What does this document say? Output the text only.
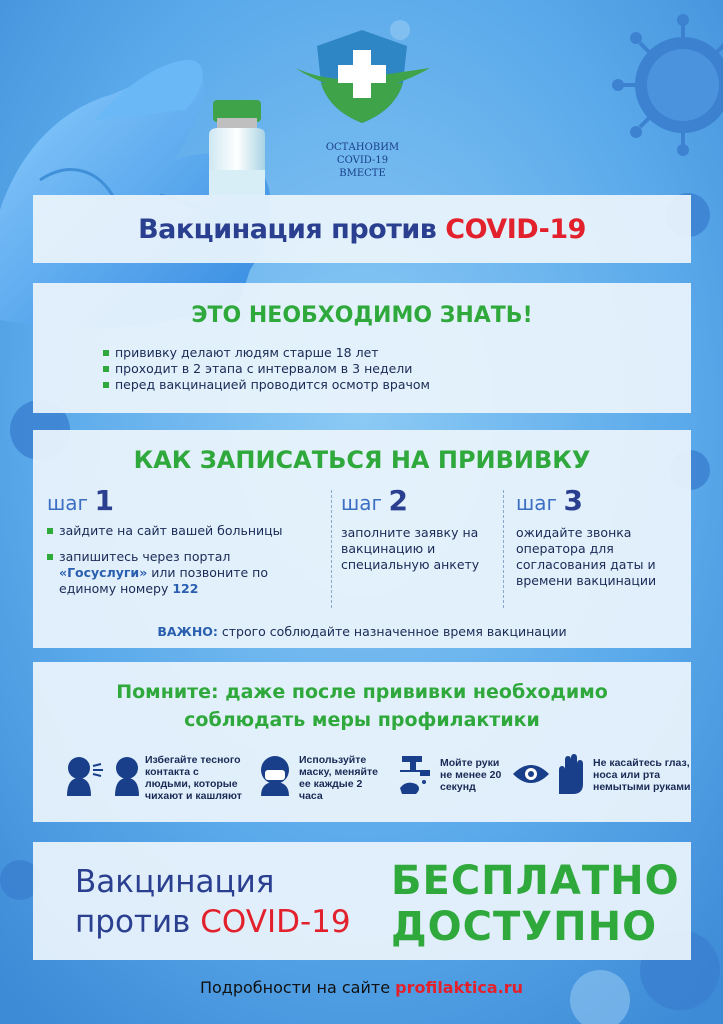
ОСТАНОВИМ
COVID-19
ВМЕСТЕ
Вакцинация против COVID-19
ЭТО НЕОБХОДИМО ЗНАТЬ!
прививку делают людям старше 18 лет
проходит в 2 этапа с интервалом в 3 недели
перед вакцинацией проводится осмотр врачом
КАК ЗАПИСАТЬСЯ НА ПРИВИВКУ
шаг 1
зайдите на сайт вашей больницы
запишитесь через портал
«Госуслуги» или позвоните по единому номеру 122
шаг 2
заполните заявку на вакцинацию и специальную анкету
шаг 3
ожидайте звонка оператора для согласования даты и времени вакцинации
ВАЖНО: строго соблюдайте назначенное время вакцинации
Помните: даже после прививки необходимо
соблюдать меры профилактики
Избегайте тесного контакта с людьми, которые чихают и кашляют
Используйте маску, меняйте ее каждые 2 часа
Мойте руки не менее 20 секунд
Не касайтесь глаз, носа или рта немытыми руками
Вакцинация
против COVID-19
БЕСПЛАТНО
ДОСТУПНО
Подробности на сайте profilaktica.ru
